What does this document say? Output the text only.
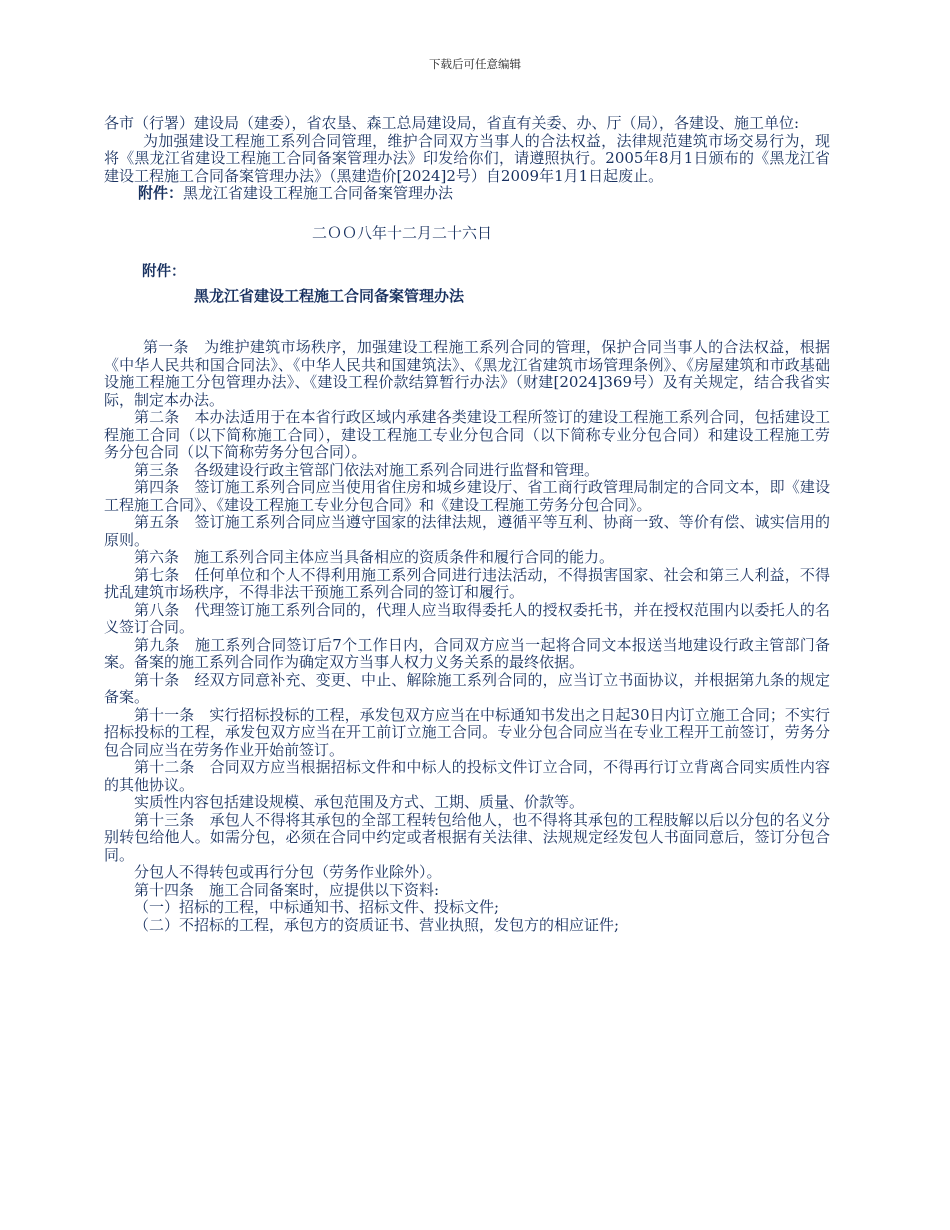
下载后可任意编辑

各市（行署）建设局（建委），省农垦、森工总局建设局，省直有关委、办、厅（局），各建设、施工单位:

为加强建设工程施工系列合同管理，维护合同双方当事人的合法权益，法律规范建筑市场交易行为，现将《黑龙江省建设工程施工合同备案管理办法》印发给你们，请遵照执行。2005年8月1日颁布的《黑龙江省建设工程施工合同备案管理办法》（黑建造价[2024]2号）自2009年1月1日起废止。

附件：黑龙江省建设工程施工合同备案管理办法

二ＯＯ八年十二月二十六日

附件：

黑龙江省建设工程施工合同备案管理办法

第一条　为维护建筑市场秩序，加强建设工程施工系列合同的管理，保护合同当事人的合法权益，根据《中华人民共和国合同法》、《中华人民共和国建筑法》、《黑龙江省建筑市场管理条例》、《房屋建筑和市政基础设施工程施工分包管理办法》、《建设工程价款结算暂行办法》（财建[2024]369号）及有关规定，结合我省实际，制定本办法。

第二条　本办法适用于在本省行政区域内承建各类建设工程所签订的建设工程施工系列合同，包括建设工程施工合同（以下简称施工合同），建设工程施工专业分包合同（以下简称专业分包合同）和建设工程施工劳务分包合同（以下简称劳务分包合同）。

第三条　各级建设行政主管部门依法对施工系列合同进行监督和管理。

第四条　签订施工系列合同应当使用省住房和城乡建设厅、省工商行政管理局制定的合同文本，即《建设工程施工合同》、《建设工程施工专业分包合同》和《建设工程施工劳务分包合同》。

第五条　签订施工系列合同应当遵守国家的法律法规，遵循平等互利、协商一致、等价有偿、诚实信用的原则。

第六条　施工系列合同主体应当具备相应的资质条件和履行合同的能力。

第七条　任何单位和个人不得利用施工系列合同进行违法活动，不得损害国家、社会和第三人利益，不得扰乱建筑市场秩序，不得非法干预施工系列合同的签订和履行。

第八条　代理签订施工系列合同的，代理人应当取得委托人的授权委托书，并在授权范围内以委托人的名义签订合同。

第九条　施工系列合同签订后7个工作日内，合同双方应当一起将合同文本报送当地建设行政主管部门备案。备案的施工系列合同作为确定双方当事人权力义务关系的最终依据。

第十条　经双方同意补充、变更、中止、解除施工系列合同的，应当订立书面协议，并根据第九条的规定备案。

第十一条　实行招标投标的工程，承发包双方应当在中标通知书发出之日起30日内订立施工合同；不实行招标投标的工程，承发包双方应当在开工前订立施工合同。专业分包合同应当在专业工程开工前签订，劳务分包合同应当在劳务作业开始前签订。

第十二条　合同双方应当根据招标文件和中标人的投标文件订立合同，不得再行订立背离合同实质性内容的其他协议。

实质性内容包括建设规模、承包范围及方式、工期、质量、价款等。

第十三条　承包人不得将其承包的全部工程转包给他人，也不得将其承包的工程肢解以后以分包的名义分别转包给他人。如需分包，必须在合同中约定或者根据有关法律、法规规定经发包人书面同意后，签订分包合同。

分包人不得转包或再行分包（劳务作业除外）。

第十四条　施工合同备案时，应提供以下资料:

（一）招标的工程，中标通知书、招标文件、投标文件;

（二）不招标的工程，承包方的资质证书、营业执照，发包方的相应证件;
